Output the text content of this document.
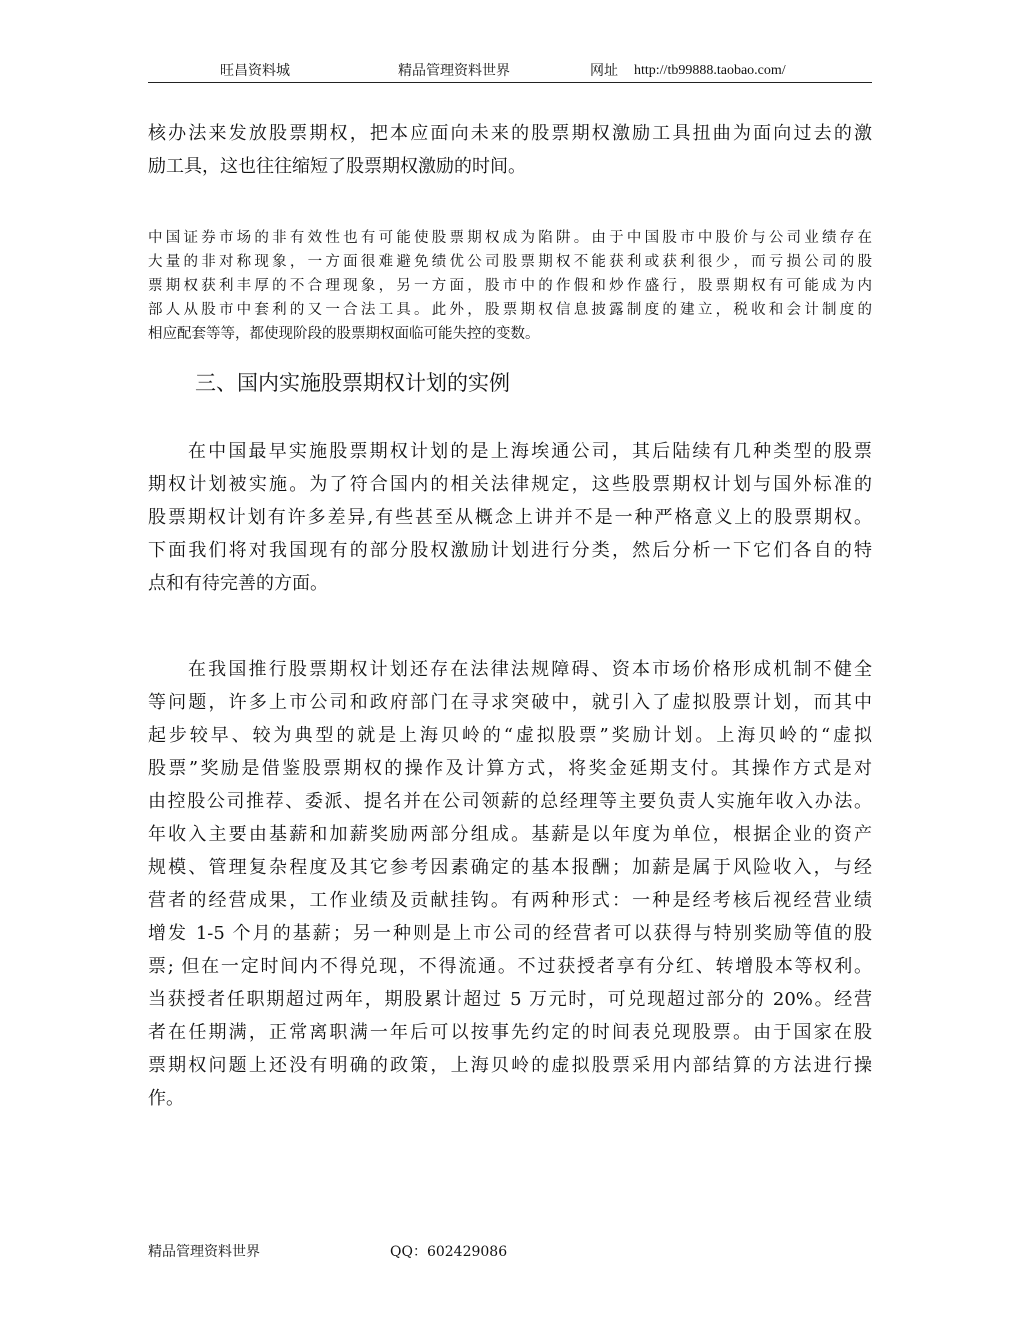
旺昌资料城	精品管理资料世界	网址 http://tb99888.taobao.com/
核办法来发放股票期权，把本应面向未来的股票期权激励工具扭曲为面向过去的激
励工具，这也往往缩短了股票期权激励的时间。
中国证券市场的非有效性也有可能使股票期权成为陷阱。由于中国股市中股价与公司业绩存在
大量的非对称现象，一方面很难避免绩优公司股票期权不能获利或获利很少，而亏损公司的股
票期权获利丰厚的不合理现象，另一方面，股市中的作假和炒作盛行，股票期权有可能成为内
部人从股市中套利的又一合法工具。此外，股票期权信息披露制度的建立，税收和会计制度的
相应配套等等，都使现阶段的股票期权面临可能失控的变数。
三、国内实施股票期权计划的实例
在中国最早实施股票期权计划的是上海埃通公司，其后陆续有几种类型的股票
期权计划被实施。为了符合国内的相关法律规定，这些股票期权计划与国外标准的
股票期权计划有许多差异,有些甚至从概念上讲并不是一种严格意义上的股票期权。
下面我们将对我国现有的部分股权激励计划进行分类，然后分析一下它们各自的特
点和有待完善的方面。
在我国推行股票期权计划还存在法律法规障碍、资本市场价格形成机制不健全
等问题，许多上市公司和政府部门在寻求突破中，就引入了虚拟股票计划，而其中
起步较早、较为典型的就是上海贝岭的“虚拟股票”奖励计划。上海贝岭的“虚拟
股票”奖励是借鉴股票期权的操作及计算方式，将奖金延期支付。其操作方式是对
由控股公司推荐、委派、提名并在公司领薪的总经理等主要负责人实施年收入办法。
年收入主要由基薪和加薪奖励两部分组成。基薪是以年度为单位，根据企业的资产
规模、管理复杂程度及其它参考因素确定的基本报酬；加薪是属于风险收入，与经
营者的经营成果，工作业绩及贡献挂钩。有两种形式：一种是经考核后视经营业绩
增发 1-5 个月的基薪；另一种则是上市公司的经营者可以获得与特别奖励等值的股
票; 但在一定时间内不得兑现，不得流通。不过获授者享有分红、转增股本等权利。
当获授者任职期超过两年，期股累计超过 5 万元时，可兑现超过部分的 20%。经营
者在任期满，正常离职满一年后可以按事先约定的时间表兑现股票。由于国家在股
票期权问题上还没有明确的政策，上海贝岭的虚拟股票采用内部结算的方法进行操
作。
精品管理资料世界	QQ：602429086
